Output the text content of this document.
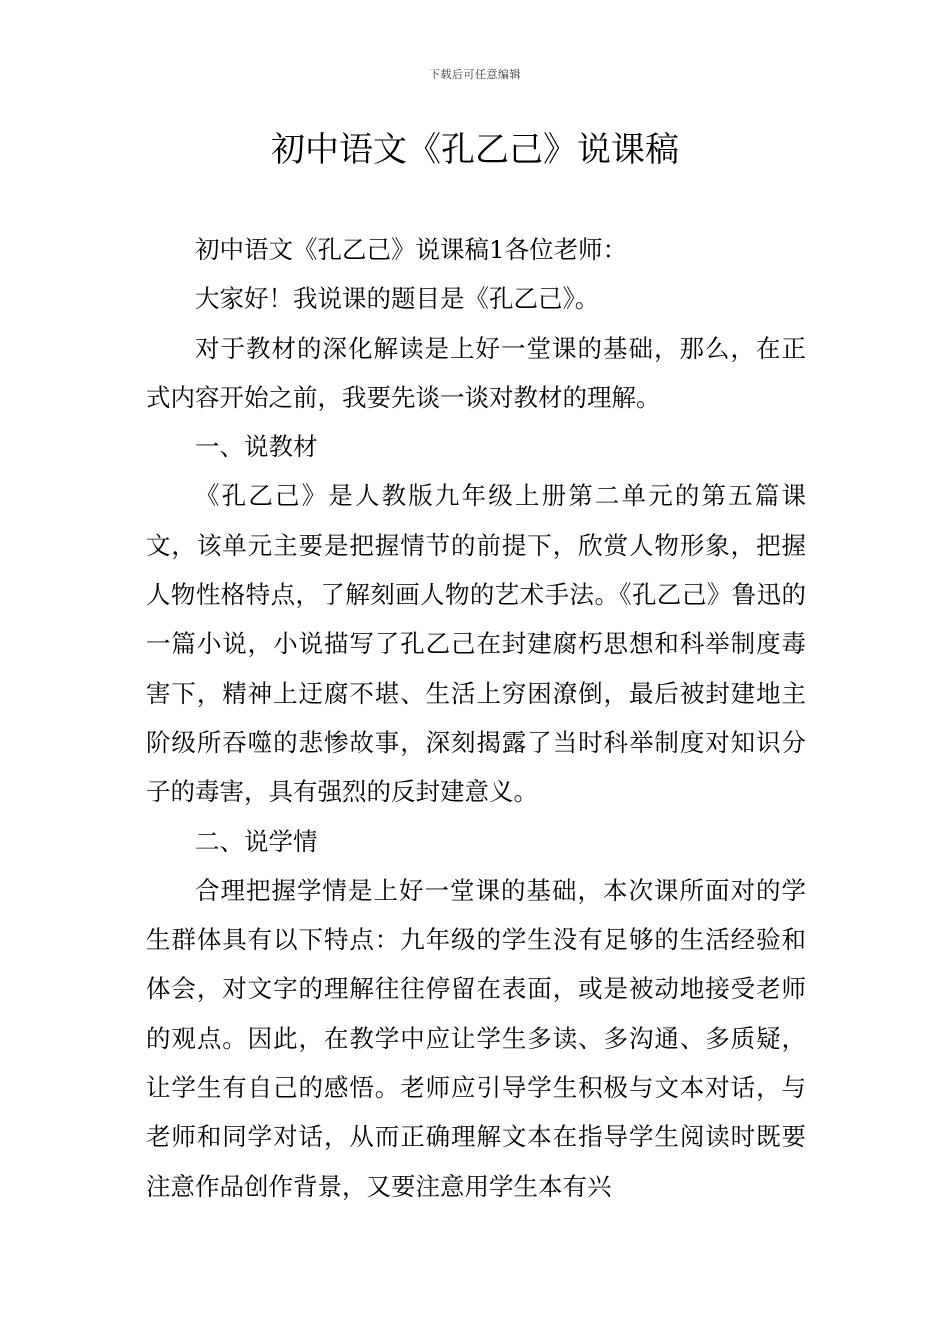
下载后可任意编辑
初中语文《孔乙己》说课稿

初中语文《孔乙己》说课稿1各位老师：

大家好！我说课的题目是《孔乙己》。

对于教材的深化解读是上好一堂课的基础，那么，在正式内容开始之前，我要先谈一谈对教材的理解。

一、说教材

《孔乙己》是人教版九年级上册第二单元的第五篇课文，该单元主要是把握情节的前提下，欣赏人物形象，把握人物性格特点，了解刻画人物的艺术手法。《孔乙己》鲁迅的一篇小说，小说描写了孔乙己在封建腐朽思想和科举制度毒害下，精神上迂腐不堪、生活上穷困潦倒，最后被封建地主阶级所吞噬的悲惨故事，深刻揭露了当时科举制度对知识分子的毒害，具有强烈的反封建意义。

二、说学情

合理把握学情是上好一堂课的基础，本次课所面对的学生群体具有以下特点：九年级的学生没有足够的生活经验和体会，对文字的理解往往停留在表面，或是被动地接受老师的观点。因此，在教学中应让学生多读、多沟通、多质疑，让学生有自己的感悟。老师应引导学生积极与文本对话，与老师和同学对话，从而正确理解文本在指导学生阅读时既要注意作品创作背景，又要注意用学生本有兴
